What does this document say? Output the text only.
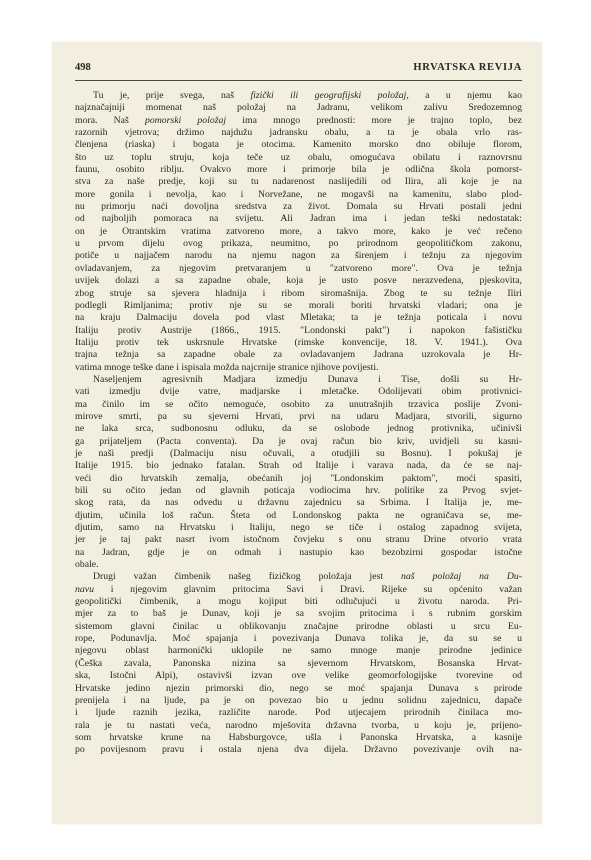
498	HRVATSKA REVIJA
Tu je, prije svega, naš fizički ili geografijski položaj, a u njemu kao
najznačajniji momenat naš položaj na Jadranu, velikom zalivu Sredozemnog
mora. Naš pomorski položaj ima mnogo prednosti: more je trajno toplo, bez
razornih vjetrova; držimo najdužu jadransku obalu, a ta je obala vrlo ras-
členjena (riaska) i bogata je otocima. Kamenito morsko dno obiluje florom,
što uz toplu struju, koja teče uz obalu, omogućava obilatu i raznovrsnu
faunu, osobito riblju. Ovakvo more i primorje bila je odlična škola pomorst-
stva za naše predje, koji su tu nadarenost naslijedili od Ilira, ali koje je na
more gonila i nevolja, kao i Norvežane, ne mogavši na kamenitu, slabo plod-
nu primorju naći dovoljna sredstva za život. Domala su Hrvati postali jedni
od najboljih pomoraca na svijetu. Ali Jadran ima i jedan teški nedostatak:
on je Otrantskim vratima zatvoreno more, a takvo more, kako je već rečeno
u prvom dijelu ovog prikaza, neumitno, po prirodnom geopolitičkom zakonu,
potiče u najjačem narodu na njemu nagon za širenjem i težnju za njegovim
ovladavanjem, za njegovim pretvaranjem u "zatvoreno more". Ova je težnja
uvijek dolazi a sa zapadne obale, koja je usto posve nerazvedena, pjeskovita,
zbog struje sa sjevera hladnija i ribom siromašnija. Zbog te su težnje Iliri
podlegli Rimljanima; protiv nje su se morali boriti hrvatski vladari; ona je
na kraju Dalmaciju dovela pod vlast Mletaka; ta je težnja poticala i novu
Italiju protiv Austrije (1866., 1915. "Londonski pakt") i napokon fašističku
Italiju protiv tek uskrsnule Hrvatske (rimske konvencije, 18. V. 1941.). Ova
trajna težnja sa zapadne obale za ovladavanjem Jadrana uzrokovala je Hr-
vatima mnoge teške dane i ispisala možda najcrnije stranice njihove povijesti.
Naseljenjem agresivnih Madjara izmedju Dunava i Tise, došli su Hr-
vati izmedju dvije vatre, madjarske i mletačke. Odolijevati obim protivnici-
ma činilo im se očito nemoguće, osobito za unutrašnjih trzavica poslije Zvoni-
mirove smrti, pa su sjeverni Hrvati, prvi na udaru Madjara, stvorili, sigurno
ne laka srca, sudbonosnu odluku, da se oslobode jednog protivnika, učinivši
ga prijateljem (Pacta conventa). Da je ovaj račun bio kriv, uvidjeli su kasni-
je naši predji (Dalmaciju nisu očuvali, a otudjili su Bosnu). I pokušaj je
Italije 1915. bio jednako fatalan. Strah od Italije i varava nada, da će se naj-
veći dio hrvatskih zemalja, obećanih joj "Londonskim paktom", moći spasiti,
bili su očito jedan od glavnih poticaja vodiocima hrv. politike za Prvog svjet-
skog rata, da nas odvedu u državnu zajednicu sa Srbima. I Italija je, me-
djutim, učinila loš račun. Šteta od Londonskog pakta ne ograničava se, me-
djutim, samo na Hrvatsku i Italiju, nego se tiče i ostalog zapadnog svijeta,
jer je taj pakt nasrt ivom istočnom čovjeku s onu stranu Drine otvorio vrata
na Jadran, gdje je on odmah i nastupio kao bezobzirni gospodar istočne
obale.
Drugi važan čimbenik našeg fizičkog položaja jest naš položaj na Du-
navu i njegovim glavnim pritocima Savi i Dravi. Rijeke su općenito važan
geopolitički čimbenik, a mogu kojiput biti odlučujući u životu naroda. Pri-
mjer za to baš je Dunav, koji je sa svojim pritocima i s rubnim gorskim
sistemom glavni činilac u oblikovanju značajne prirodne oblasti u srcu Eu-
rope, Podunavlja. Moć spajanja i povezivanja Dunava tolika je, da su se u
njegovu oblast harmonički uklopile ne samo mnoge manje prirodne jedinice
(Češka zavala, Panonska nizina sa sjevernom Hrvatskom, Bosanska Hrvat-
ska, Istočni Alpi), ostavivši izvan ove velike geomorfologijske tvorevine od
Hrvatske jedino njezin primorski dio, nego se moć spajanja Dunava s prirode
prenijela i na ljude, pa je on povezao bio u jednu solidnu zajednicu, dapače
i ljude raznih jezika, različite narode. Pod utjecajem prirodnih činilaca mo-
rala je tu nastati veća, narodno mješovita državna tvorba, u koju je, prijeno-
som hrvatske krune na Habsburgovce, ušla i Panonska Hrvatska, a kasnije
po povijesnom pravu i ostala njena dva dijela. Državno povezivanje ovih na-
